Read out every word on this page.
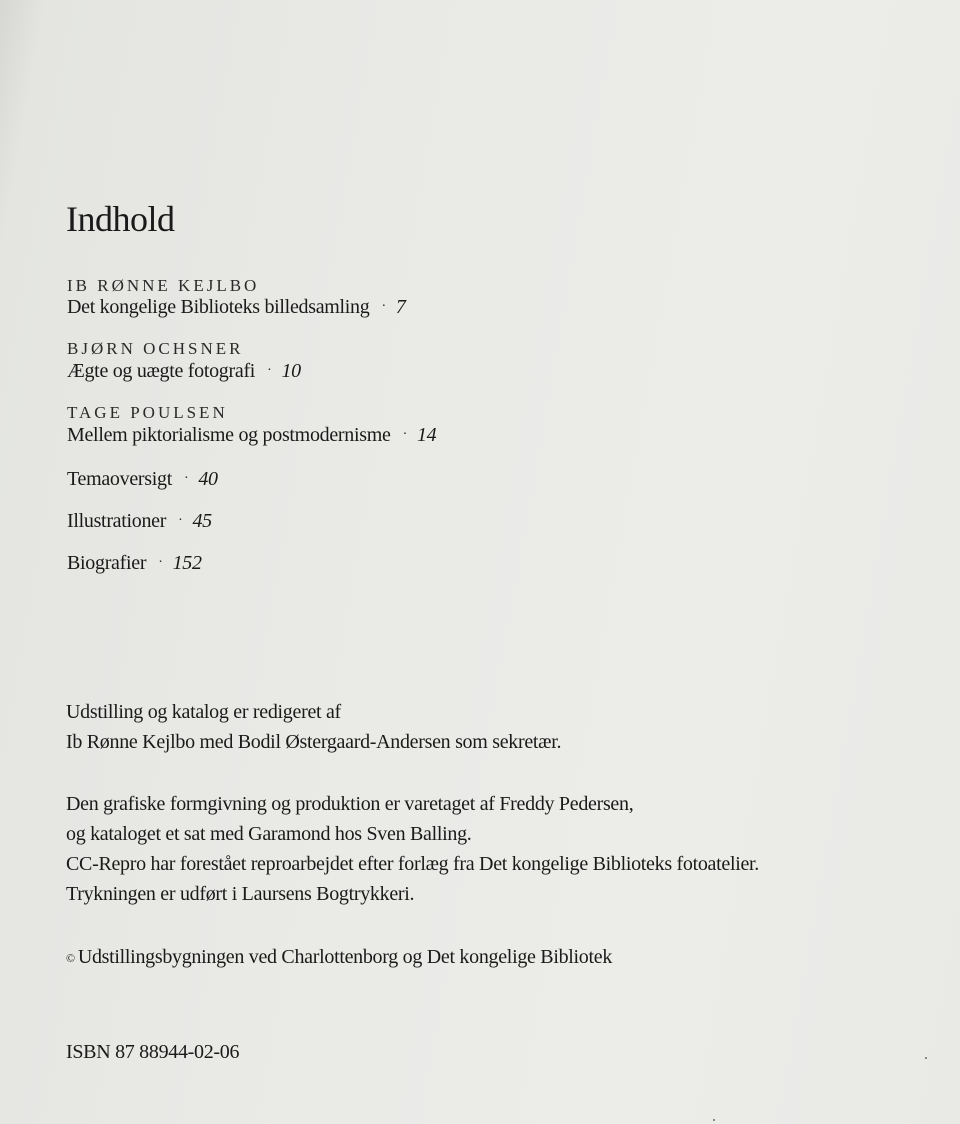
Indhold
IB RØNNE KEJLBO
Det kongelige Biblioteks billedsamling · 7
BJØRN OCHSNER
Ægte og uægte fotografi · 10
TAGE POULSEN
Mellem piktorialisme og postmodernisme · 14
Temaoversigt · 40
Illustrationer · 45
Biografier · 152
Udstilling og katalog er redigeret af
Ib Rønne Kejlbo med Bodil Østergaard-Andersen som sekretær.
Den grafiske formgivning og produktion er varetaget af Freddy Pedersen,
og kataloget et sat med Garamond hos Sven Balling.
CC-Repro har forestået reproarbejdet efter forlæg fra Det kongelige Biblioteks fotoatelier.
Trykningen er udført i Laursens Bogtrykkeri.
© Udstillingsbygningen ved Charlottenborg og Det kongelige Bibliotek
ISBN 87 88944-02-06
